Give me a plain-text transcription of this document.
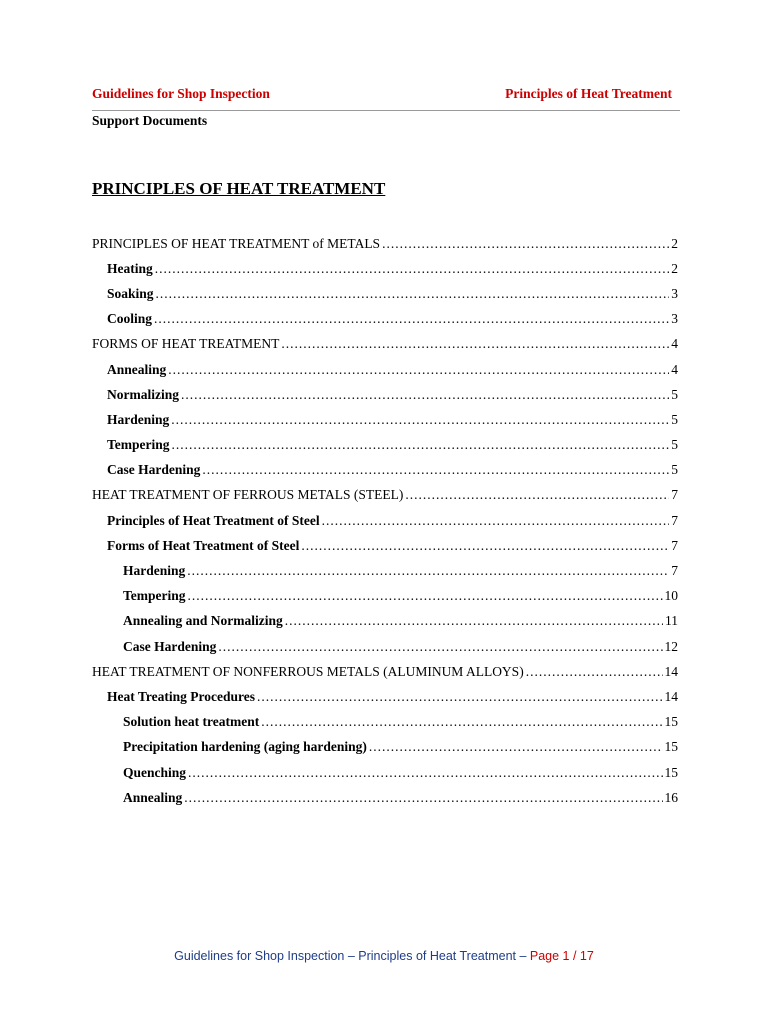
Guidelines for Shop Inspection	Principles of Heat Treatment
Support Documents
PRINCIPLES OF HEAT TREATMENT
PRINCIPLES OF HEAT TREATMENT of METALS .....	2
Heating .....	2
Soaking .....	3
Cooling .....	3
FORMS OF HEAT TREATMENT .....	4
Annealing .....	4
Normalizing .....	5
Hardening .....	5
Tempering .....	5
Case Hardening .....	5
HEAT TREATMENT OF FERROUS METALS (STEEL) .....	7
Principles of Heat Treatment of Steel .....	7
Forms of Heat Treatment of Steel .....	7
Hardening .....	7
Tempering .....	10
Annealing and Normalizing .....	11
Case Hardening .....	12
HEAT TREATMENT OF NONFERROUS METALS (ALUMINUM ALLOYS) .....	14
Heat Treating Procedures .....	14
Solution heat treatment .....	15
Precipitation hardening (aging hardening) .....	15
Quenching .....	15
Annealing .....	16
Guidelines for Shop Inspection – Principles of Heat Treatment – Page 1 / 17
